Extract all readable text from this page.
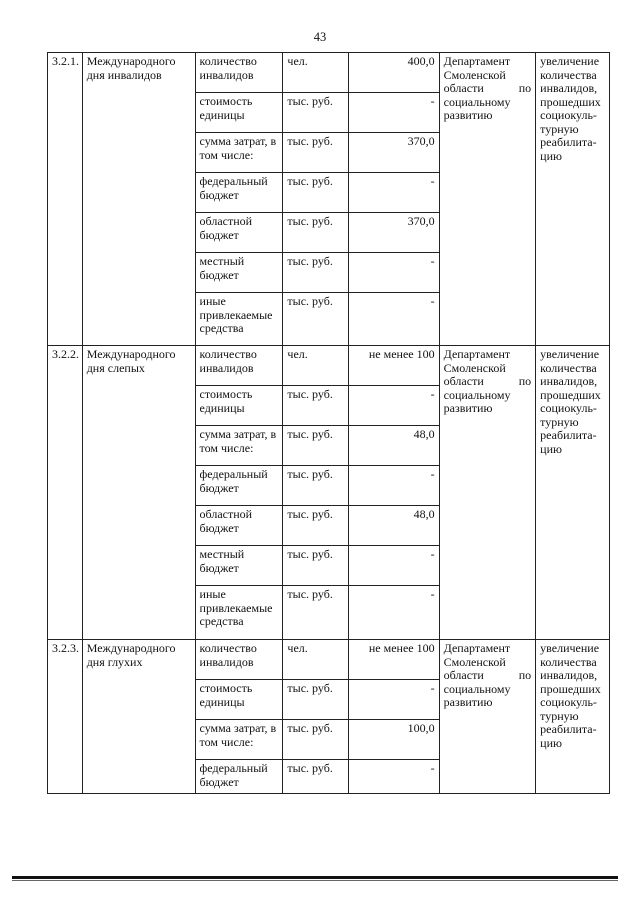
43
3.2.1.	Международного дня инвалидов	количество инвалидов	чел.	400,0	Департамент Смоленской области по социальному развитию	увеличение количества инвалидов, прошедших социокуль-турную реабилита-цию
		стоимость единицы	тыс. руб.	-		
		сумма затрат, в том числе:	тыс. руб.	370,0		
		федеральный бюджет	тыс. руб.	-		
		областной бюджет	тыс. руб.	370,0		
		местный бюджет	тыс. руб.	-		
		иные привлекаемые средства	тыс. руб.	-		
3.2.2.	Международного дня слепых	количество инвалидов	чел.	не менее 100	Департамент Смоленской области по социальному развитию	увеличение количества инвалидов, прошедших социокуль-турную реабилита-цию
		стоимость единицы	тыс. руб.	-		
		сумма затрат, в том числе:	тыс. руб.	48,0		
		федеральный бюджет	тыс. руб.	-		
		областной бюджет	тыс. руб.	48,0		
		местный бюджет	тыс. руб.	-		
		иные привлекаемые средства	тыс. руб.	-		
3.2.3.	Международного дня глухих	количество инвалидов	чел.	не менее 100	Департамент Смоленской области по социальному развитию	увеличение количества инвалидов, прошедших социокуль-турную реабилита-цию
		стоимость единицы	тыс. руб.	-		
		сумма затрат, в том числе:	тыс. руб.	100,0		
		федеральный бюджет	тыс. руб.	-		
